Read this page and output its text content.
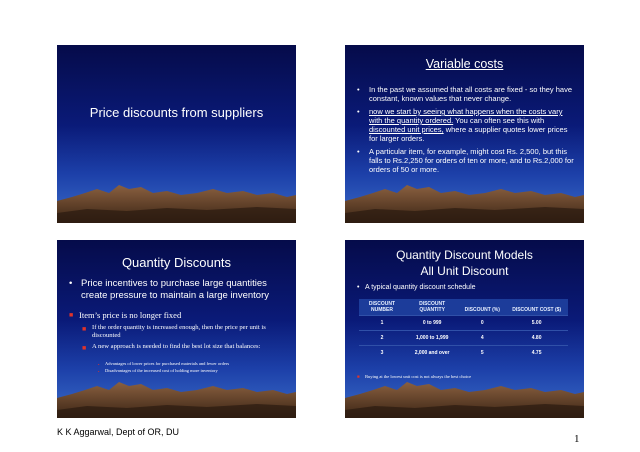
Price discounts from suppliers
Variable costs
• In the past we assumed that all costs are fixed - so they have constant, known values that never change.
• now we start by seeing what happens when the costs vary with the quantity ordered. You can often see this with discounted unit prices, where a supplier quotes lower prices for larger orders.
• A particular item, for example, might cost Rs. 2,500, but this falls to Rs.2,250 for orders of ten or more, and to Rs.2,000 for orders of 50 or more.
Quantity Discounts
• Price incentives to purchase large quantities create pressure to maintain a large inventory
■ Item’s price is no longer fixed
■ If the order quantity is increased enough, then the price per unit is discounted
■ A new approach is needed to find the best lot size that balances:
• Advantages of lower prices for purchased materials and fewer orders
• Disadvantages of the increased cost of holding more inventory
Quantity Discount Models
All Unit Discount
• A typical quantity discount schedule
DISCOUNT NUMBER	DISCOUNT QUANTITY	DISCOUNT (%)	DISCOUNT COST ($)
1	0 to 999	0	5.00
2	1,000 to 1,999	4	4.80
3	2,000 and over	5	4.75
■ Buying at the lowest unit cost is not always the best choice
K K Aggarwal, Dept of OR, DU
1
